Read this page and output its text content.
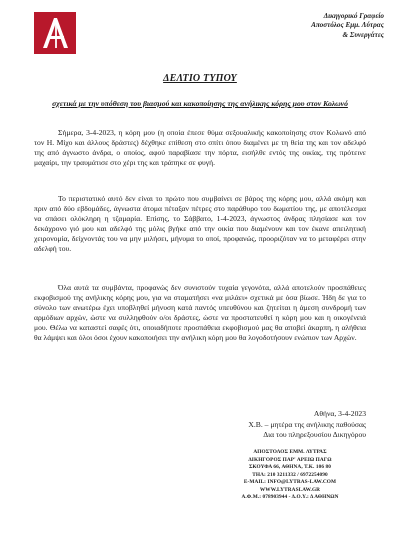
Δικηγορικό Γραφείο
Αποστόλος Εμμ. Λύτρας
& Συνεργάτες
ΔΕΛΤΙΟ ΤΥΠΟΥ
σχετικά με την υπόθεση του βιασμού και κακοποίησης της ανήλικης κόρης μου στον Κολωνό

Σήμερα, 3-4-2023, η κόρη μου (η οποία έπεσε θύμα σεξουαλικής κακοποίησης στον Κολωνό από τον Η. Μίχο και άλλους δράστες) δέχθηκε επίθεση στο σπίτι όπου διαμένει με τη θεία της και τον αδελφό της από άγνωστο άνδρα, ο οποίος, αφού παραβίασε την πόρτα, εισήλθε εντός της οικίας, της πρότεινε μαχαίρι, την τραυμάτισε στο χέρι της και τράπηκε σε φυγή.

Το περιστατικό αυτό δεν είναι το πρώτο που συμβαίνει σε βάρος της κόρης μου, αλλά ακόμη και πριν από δύο εβδομάδες, άγνωστα άτομα πέταξαν πέτρες στο παράθυρο του δωματίου της, με αποτέλεσμα να σπάσει ολόκληρη η τζαμαρία. Επίσης, το Σάββατο, 1-4-2023, άγνωστος άνδρας πλησίασε και τον δεκάχρονο γιό μου και αδελφό της μόλις βγήκε από την οικία που διαμένουν και τον έκανε απειλητική χειρονομία, δείχνοντάς του να μην μιλήσει, μήνυμα το οποί, προφανώς, προοριζόταν να το μεταφέρει στην αδελφή του.

Όλα αυτά τα συμβάντα, προφανώς δεν συνιστούν τυχαία γεγονότα, αλλά αποτελούν προσπάθειες εκφοβισμού της ανήλικης κόρης μου, για να σταματήσει «να μιλάει» σχετικά με όσα βίωσε. Ήδη δε για το σύνολο των ανωτέρω έχει υποβληθεί μήνυση κατά παντός υπευθύνου και ζητείται η άμεση συνδρομή των αρμόδιων αρχών, ώστε να συλληφθούν ο/οι δράστες, ώστε να προστατευθεί η κόρη μου και η οικογένειά μου. Θέλω να καταστεί σαφές ότι, οποιαδήποτε προσπάθεια εκφοβισμού μας θα αποβεί άκαρπη, η αλήθεια θα λάμψει και όλοι όσοι έχουν κακοποιήσει την ανήλικη κόρη μου θα λογοδοτήσουν ενώπιον των Αρχών.

Αθήνα, 3-4-2023
Χ.Β. – μητέρα της ανήλικης παθούσας
Δια του πληρεξουσίου Δικηγόρου
ΑΠΟΣΤΟΛΟΣ ΕΜΜ. ΛΥΤΡΑΣ
ΔΙΚΗΓΟΡΟΣ ΠΑΡ' ΑΡΕΙΩ ΠΑΓΩ
ΣΚΟΥΦΑ 66, ΑΘΗΝΑ, Τ.Κ. 106 80
ΤΗΛ: 210 3211332 / 6972254090
E-MAIL: INFO@LYTRAS-LAW.COM
WWW.LYTRASLAW.GR
Α.Φ.Μ.: 078903944 - Δ.Ο.Υ.: Δ ΑΘΗΝΩΝ
